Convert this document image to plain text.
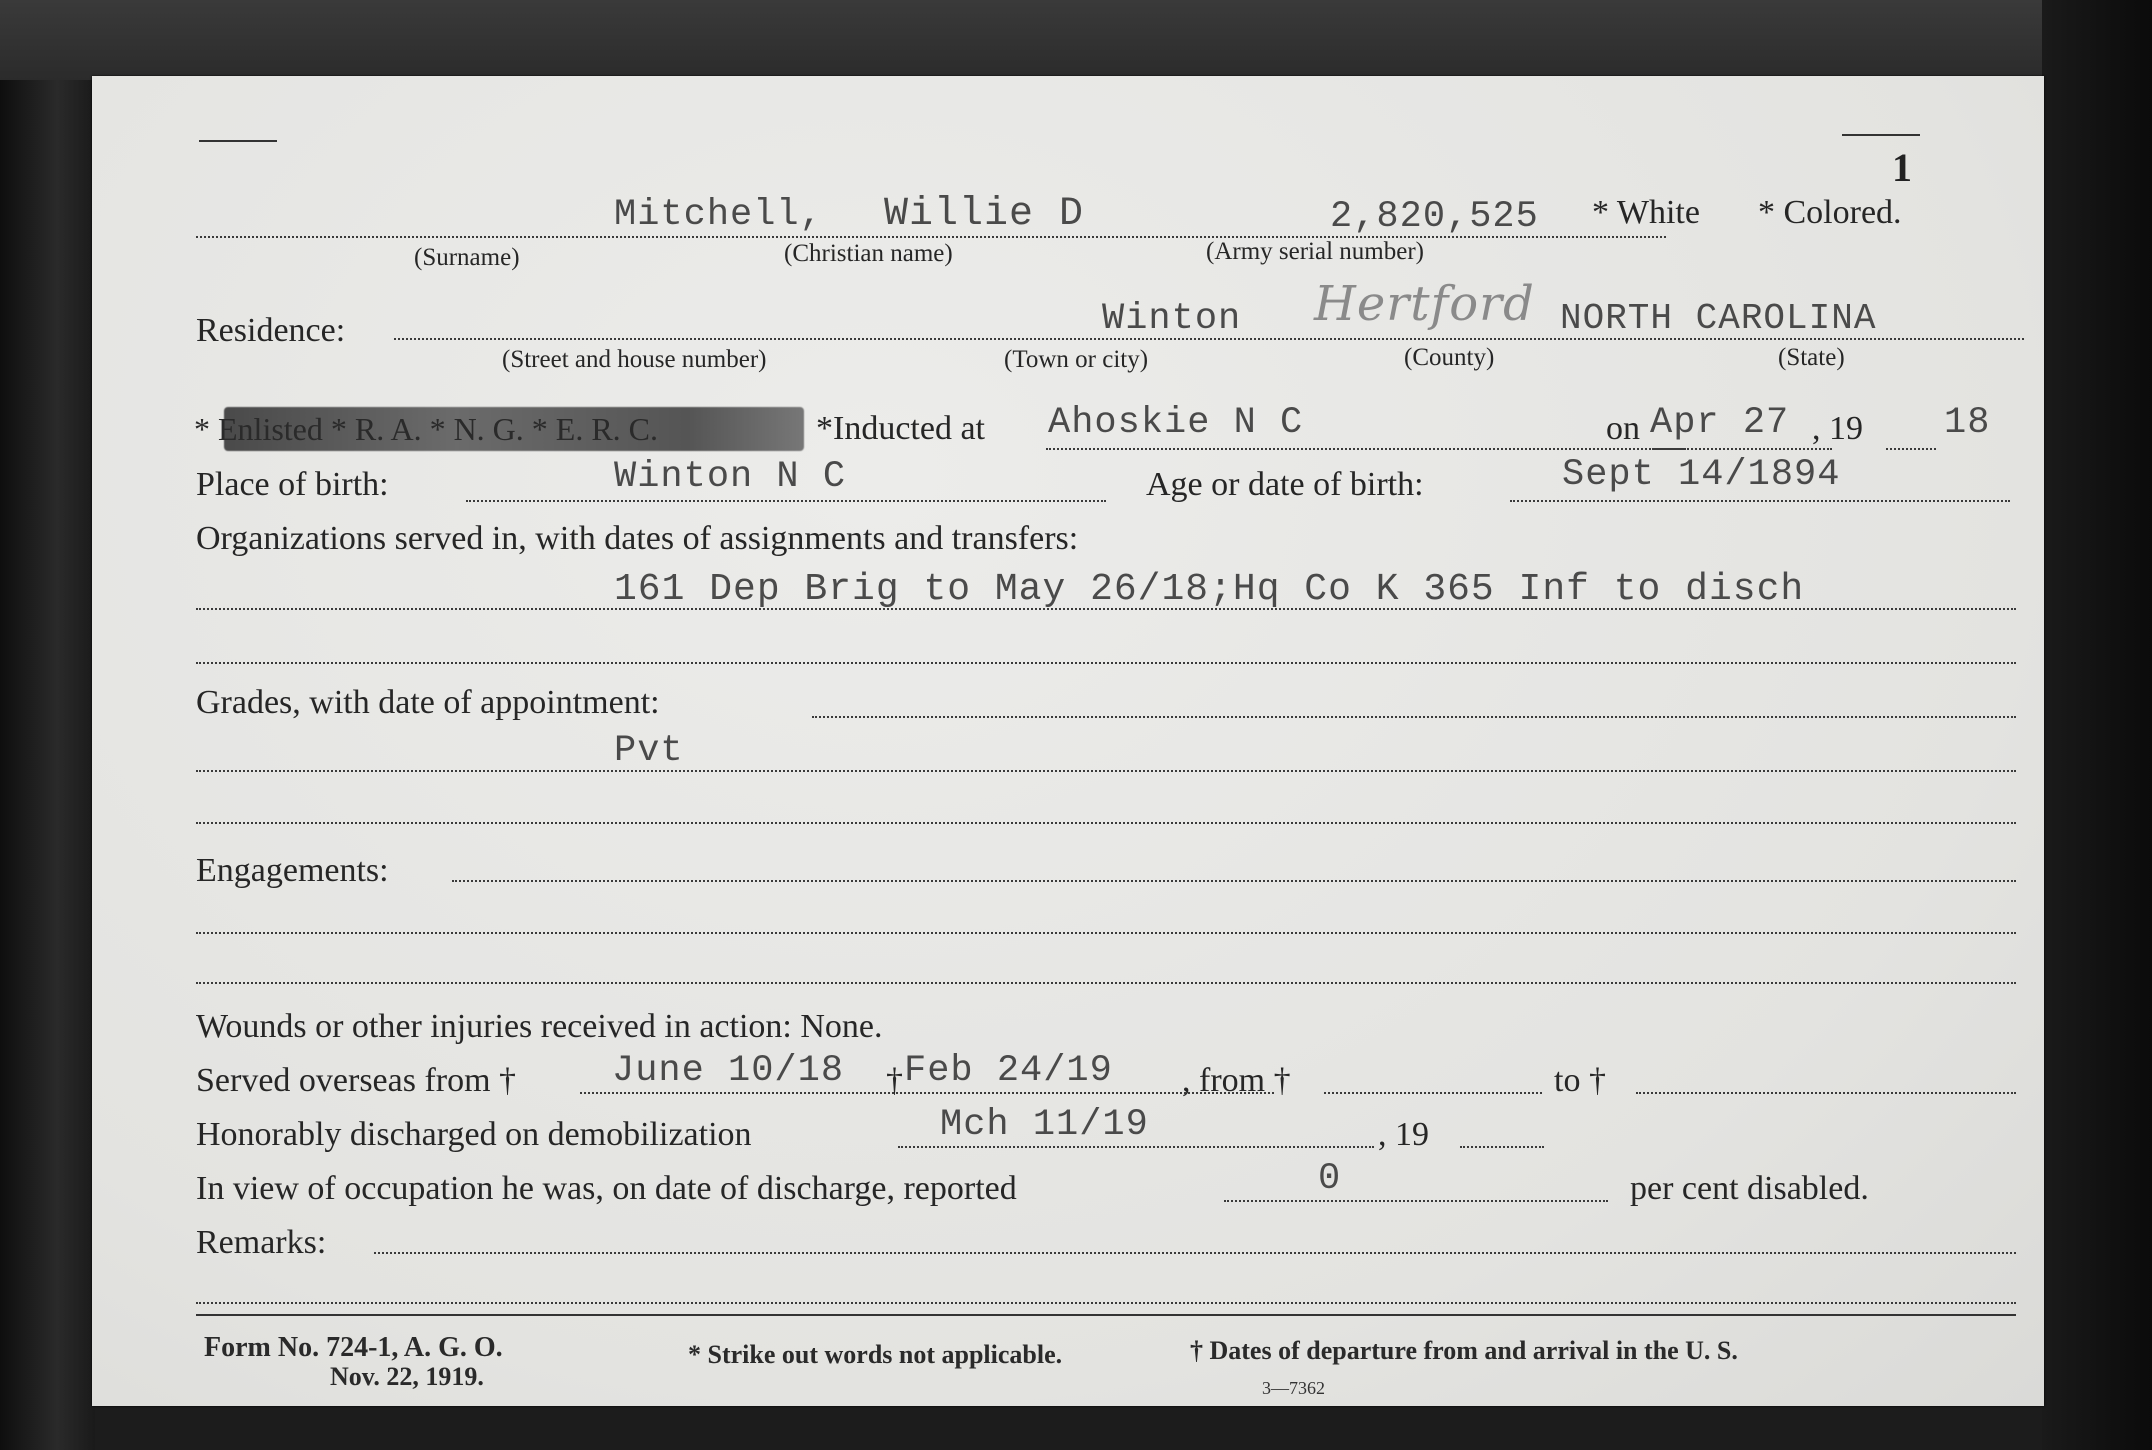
1
Mitchell, Willie D	2,820,525 * White * Colored.
(Surname)	(Christian name)	(Army serial number)
Residence:	Winton Hertford NORTH CAROLINA
(Street and house number)	(Town or city)	(County)	(State)
* Enlisted * R. A. * N. G. * E. R. C.	*Inducted at Ahoskie N C	on Apr 27 , 19 18
Place of birth:	Winton N C	Age or date of birth:	Sept 14/1894
Organizations served in, with dates of assignments and transfers:
161 Dep Brig to May 26/18;Hq Co K 365 Inf to disch
Grades, with date of appointment:
Pvt
Engagements:
Wounds or other injuries received in action: None.
Served overseas from †	June 10/18 † Feb 24/19 , from †	to †
Honorably discharged on demobilization	Mch 11/19	, 19
In view of occupation he was, on date of discharge, reported	0	per cent disabled.
Remarks:
Form No. 724-1, A. G. O.
Nov. 22, 1919.
* Strike out words not applicable.	† Dates of departure from and arrival in the U. S.
3—7362
